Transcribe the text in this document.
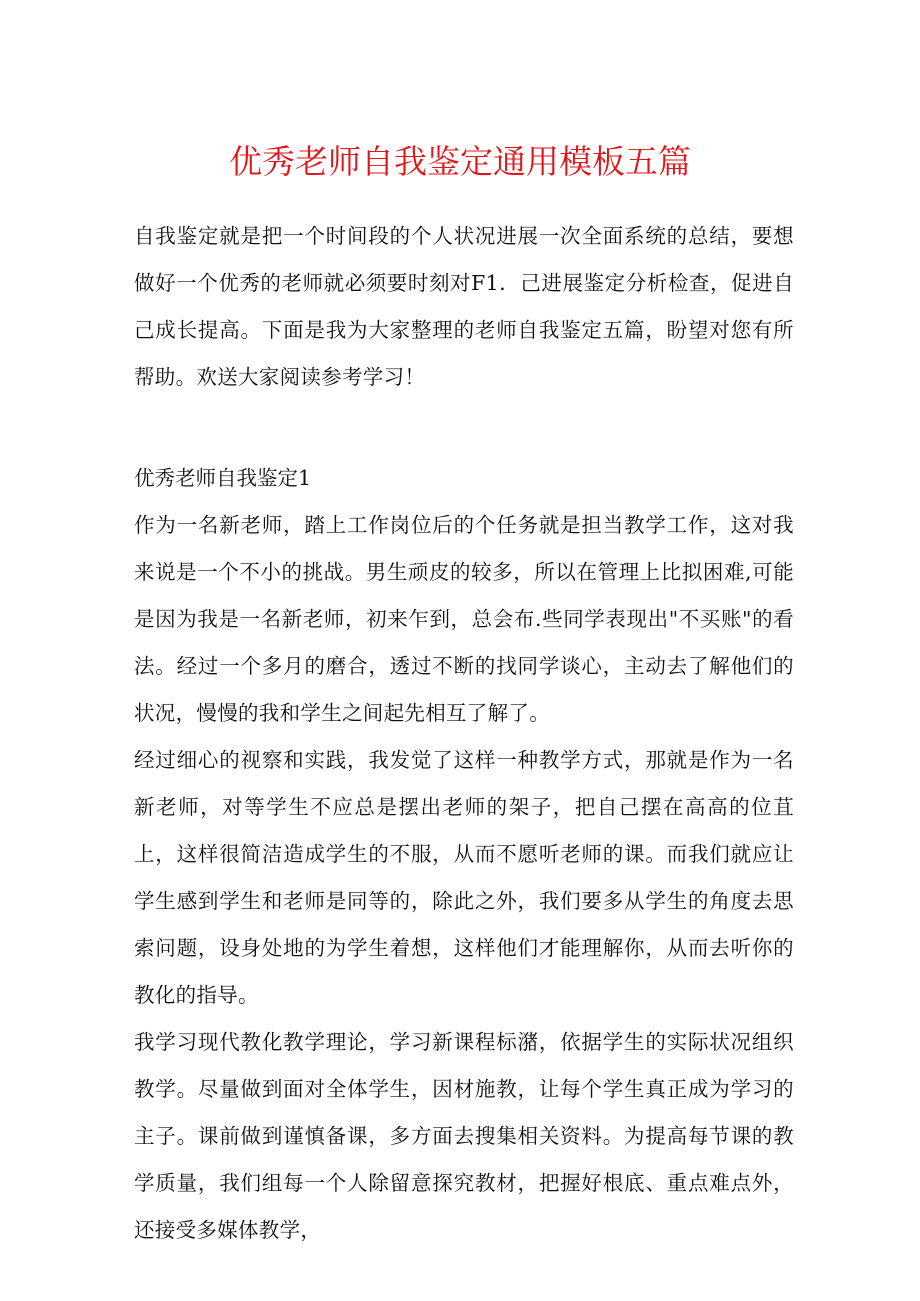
优秀老师自我鉴定通用模板五篇

自我鉴定就是把一个时间段的个人状况进展一次全面系统的总结，要想做好一个优秀的老师就必须要时刻对F1．己进展鉴定分析检查，促进自己成长提高。下面是我为大家整理的老师自我鉴定五篇，盼望对您有所帮助。欢送大家阅读参考学习！

优秀老师自我鉴定1

作为一名新老师，踏上工作岗位后的个任务就是担当教学工作，这对我来说是一个不小的挑战。男生顽皮的较多，所以在管理上比拟困难,可能是因为我是一名新老师，初来乍到，总会布.些同学表现出"不买账"的看法。经过一个多月的磨合，透过不断的找同学谈心，主动去了解他们的状况，慢慢的我和学生之间起先相互了解了。

经过细心的视察和实践，我发觉了这样一种教学方式，那就是作为一名新老师，对等学生不应总是摆出老师的架子，把自己摆在高高的位苴上，这样很简洁造成学生的不服，从而不愿听老师的课。而我们就应让学生感到学生和老师是同等的，除此之外，我们要多从学生的角度去思索问题，设身处地的为学生着想，这样他们才能理解你，从而去听你的教化的指导。

我学习现代教化教学理论，学习新课程标潴，依据学生的实际状况组织教学。尽量做到面对全体学生，因材施教，让每个学生真正成为学习的主子。课前做到谨慎备课，多方面去搜集相关资料。为提高每节课的教学质量，我们组每一个人除留意探究教材，把握好根底、重点难点外，还接受多媒体教学，
